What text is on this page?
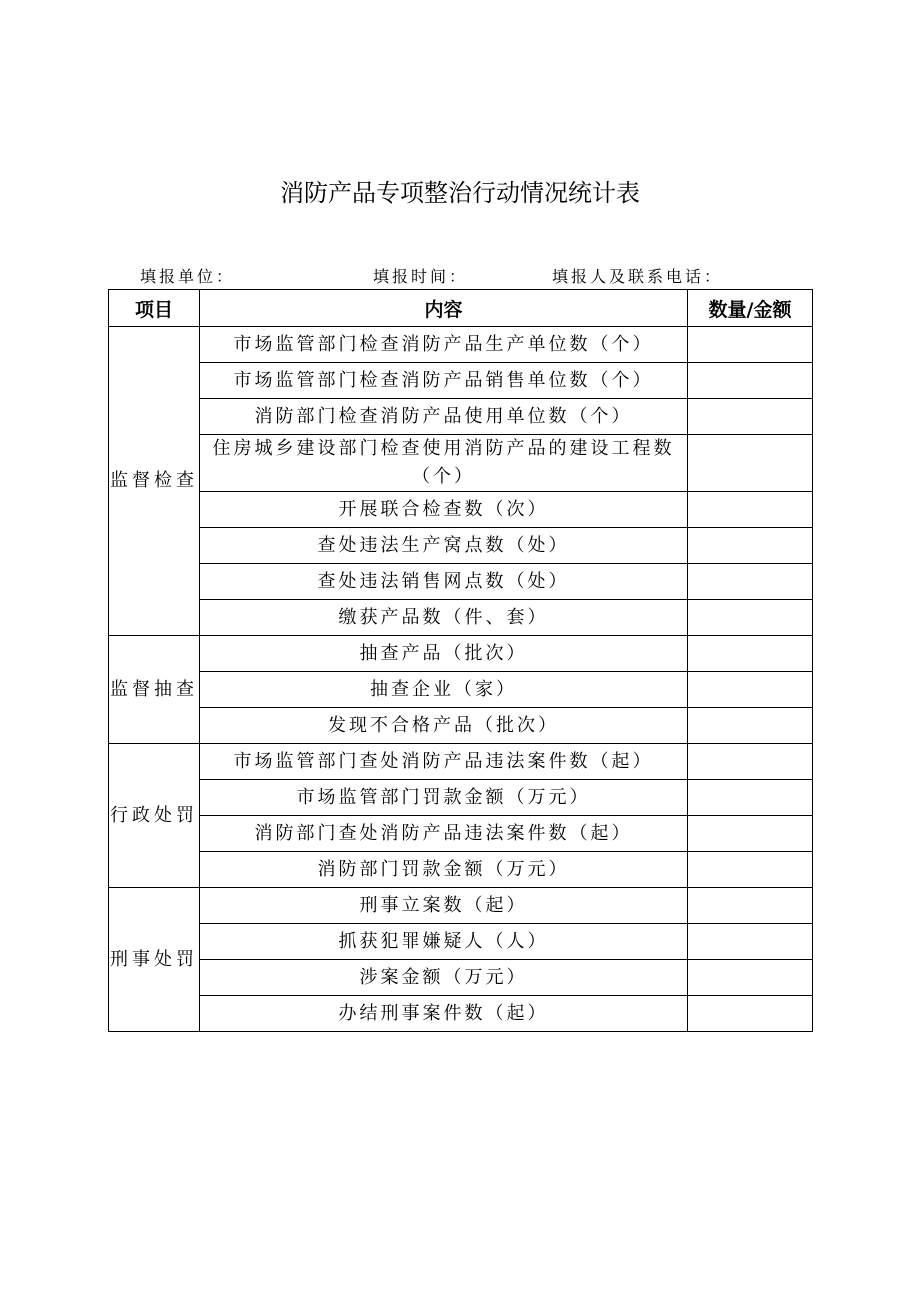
消防产品专项整治行动情况统计表
填报单位：	填报时间：	填报人及联系电话：
项目	内容	数量/金额
监督检查	市场监管部门检查消防产品生产单位数（个）	
	市场监管部门检查消防产品销售单位数（个）	
	消防部门检查消防产品使用单位数（个）	
	住房城乡建设部门检查使用消防产品的建设工程数（个）	
	开展联合检查数（次）	
	查处违法生产窝点数（处）	
	查处违法销售网点数（处）	
	缴获产品数（件、套）	
监督抽查	抽查产品（批次）	
	抽查企业（家）	
	发现不合格产品（批次）	
行政处罚	市场监管部门查处消防产品违法案件数（起）	
	市场监管部门罚款金额（万元）	
	消防部门查处消防产品违法案件数（起）	
	消防部门罚款金额（万元）	
刑事处罚	刑事立案数（起）	
	抓获犯罪嫌疑人（人）	
	涉案金额（万元）	
	办结刑事案件数（起）	
